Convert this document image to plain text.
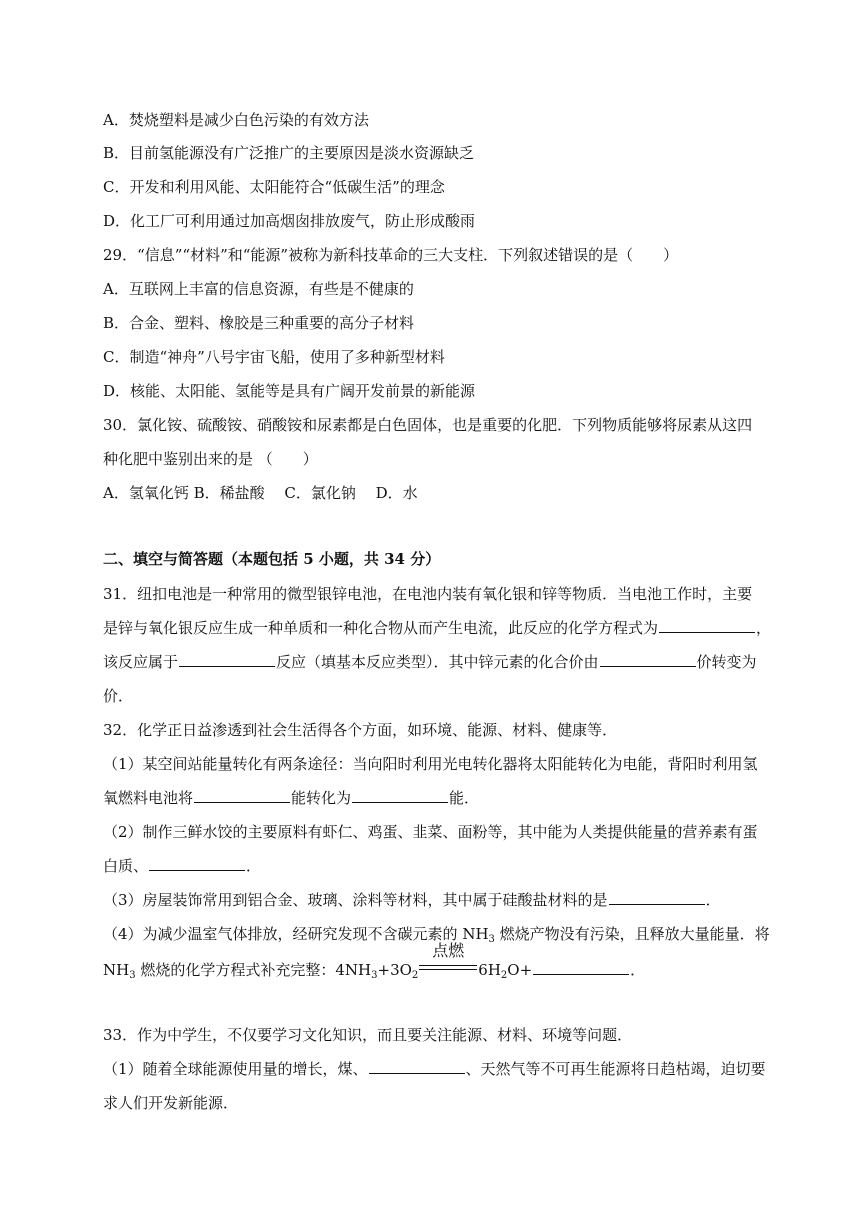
A．焚烧塑料是减少白色污染的有效方法
B．目前氢能源没有广泛推广的主要原因是淡水资源缺乏
C．开发和利用风能、太阳能符合“低碳生活”的理念
D．化工厂可利用通过加高烟囱排放废气，防止形成酸雨
29．“信息”“材料”和“能源”被称为新科技革命的三大支柱．下列叙述错误的是（　　）
A．互联网上丰富的信息资源，有些是不健康的
B．合金、塑料、橡胶是三种重要的高分子材料
C．制造“神舟”八号宇宙飞船，使用了多种新型材料
D．核能、太阳能、氢能等是具有广阔开发前景的新能源
30．氯化铵、硫酸铵、硝酸铵和尿素都是白色固体，也是重要的化肥．下列物质能够将尿素从这四
种化肥中鉴别出来的是 （　　）
A．氢氧化钙 B．稀盐酸　 C．氯化钠　 D．水
二、填空与简答题（本题包括 5 小题，共 34 分）
31．纽扣电池是一种常用的微型银锌电池，在电池内装有氧化银和锌等物质．当电池工作时，主要
是锌与氧化银反应生成一种单质和一种化合物从而产生电流，此反应的化学方程式为	，
该反应属于	反应（填基本反应类型）．其中锌元素的化合价由	价转变为
价．
32．化学正日益渗透到社会生活得各个方面，如环境、能源、材料、健康等．
（1）某空间站能量转化有两条途径：当向阳时利用光电转化器将太阳能转化为电能，背阳时利用氢
氧燃料电池将	能转化为	能．
（2）制作三鲜水饺的主要原料有虾仁、鸡蛋、韭菜、面粉等，其中能为人类提供能量的营养素有蛋
白质、	．
（3）房屋装饰常用到铝合金、玻璃、涂料等材料，其中属于硅酸盐材料的是	．
（4）为减少温室气体排放，经研究发现不含碳元素的 $NH_3$ 燃烧产物没有污染，且释放大量能量．将
$NH_3$ 燃烧的化学方程式补充完整：$4NH_3+3O_2$
点燃
$6H_2O+$	．
33．作为中学生，不仅要学习文化知识，而且要关注能源、材料、环境等问题．
（1）随着全球能源使用量的增长，煤、	、天然气等不可再生能源将日趋枯竭，迫切要
求人们开发新能源．
